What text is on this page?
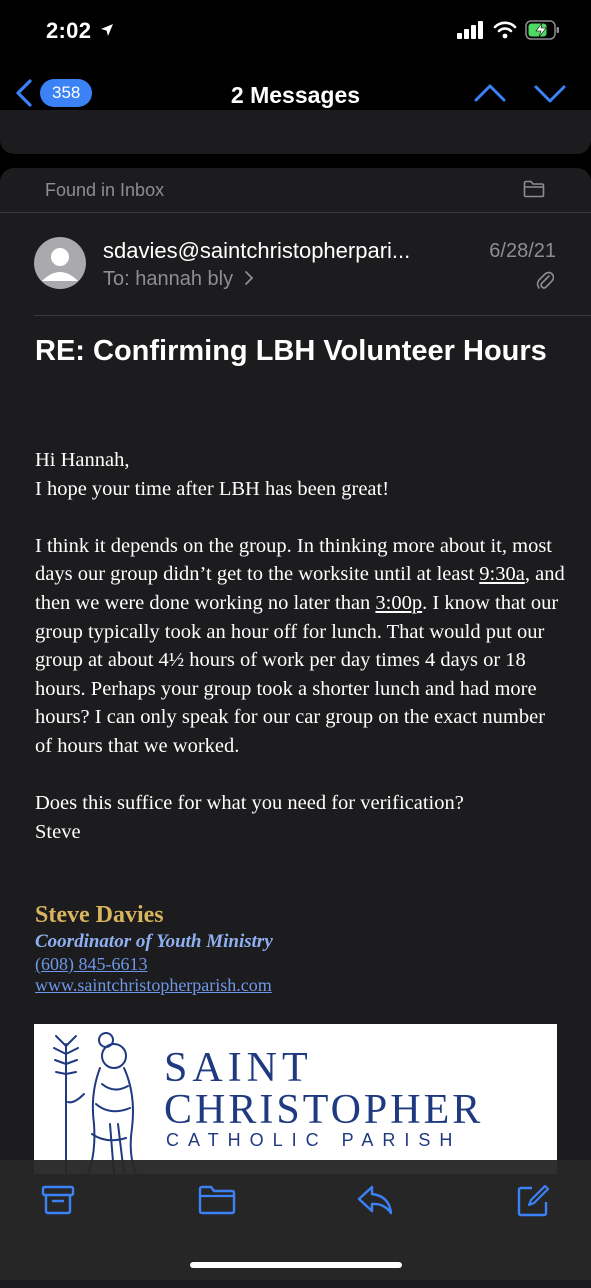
2:02
358	2 Messages
Found in Inbox
sdavies@saintchristopherpari...	6/28/21
To: hannah bly
RE: Confirming LBH Volunteer Hours

Hi Hannah,

I hope your time after LBH has been great!

I think it depends on the group. In thinking more about it, most days our group didn’t get to the worksite until at least 9:30a, and then we were done working no later than 3:00p. I know that our group typically took an hour off for lunch. That would put our group at about 4½ hours of work per day times 4 days or 18 hours. Perhaps your group took a shorter lunch and had more hours? I can only speak for our car group on the exact number of hours that we worked.

Does this suffice for what you need for verification?

Steve

Steve Davies
Coordinator of Youth Ministry
(608) 845-6613
www.saintchristopherparish.com
SAINT
CHRISTOPHER
CATHOLIC PARISH
